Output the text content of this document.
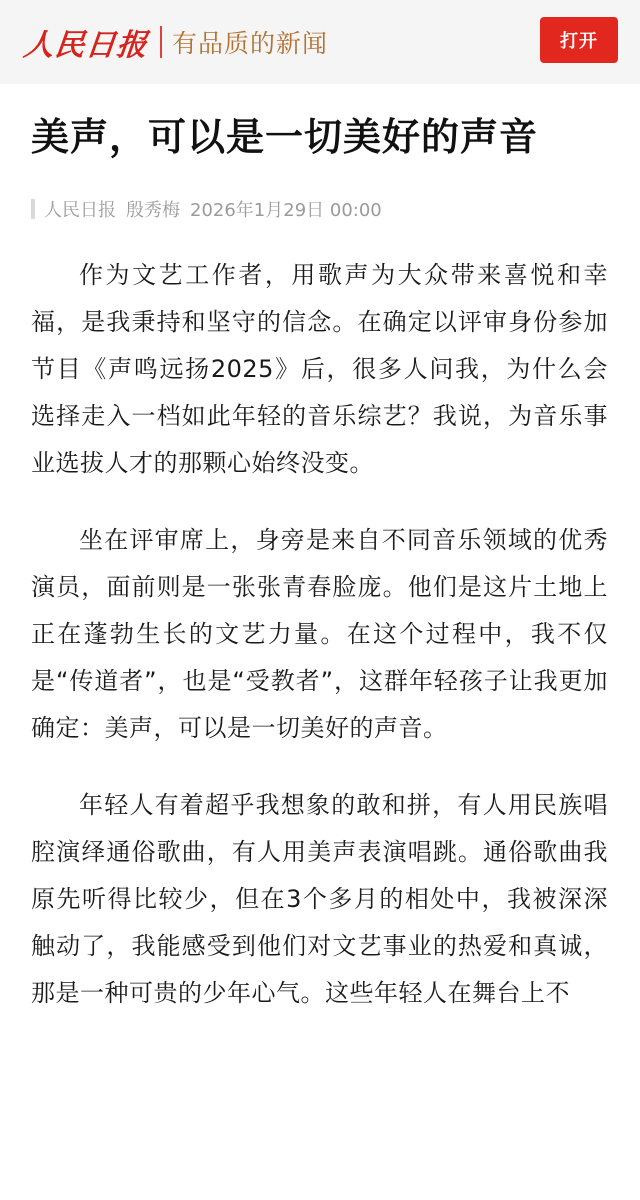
人民日报 有品质的新闻	打开
美声，可以是一切美好的声音
人民日报 殷秀梅 2026年1月29日 00:00

作为文艺工作者，用歌声为大众带来喜悦和幸福，是我秉持和坚守的信念。在确定以评审身份参加节目《声鸣远扬2025》后，很多人问我，为什么会选择走入一档如此年轻的音乐综艺？我说，为音乐事业选拔人才的那颗心始终没变。

坐在评审席上，身旁是来自不同音乐领域的优秀演员，面前则是一张张青春脸庞。他们是这片土地上正在蓬勃生长的文艺力量。在这个过程中，我不仅是“传道者”，也是“受教者”，这群年轻孩子让我更加确定：美声，可以是一切美好的声音。

年轻人有着超乎我想象的敢和拼，有人用民族唱腔演绎通俗歌曲，有人用美声表演唱跳。通俗歌曲我原先听得比较少，但在3个多月的相处中，我被深深触动了，我能感受到他们对文艺事业的热爱和真诚，那是一种可贵的少年心气。这些年轻人在舞台上不
